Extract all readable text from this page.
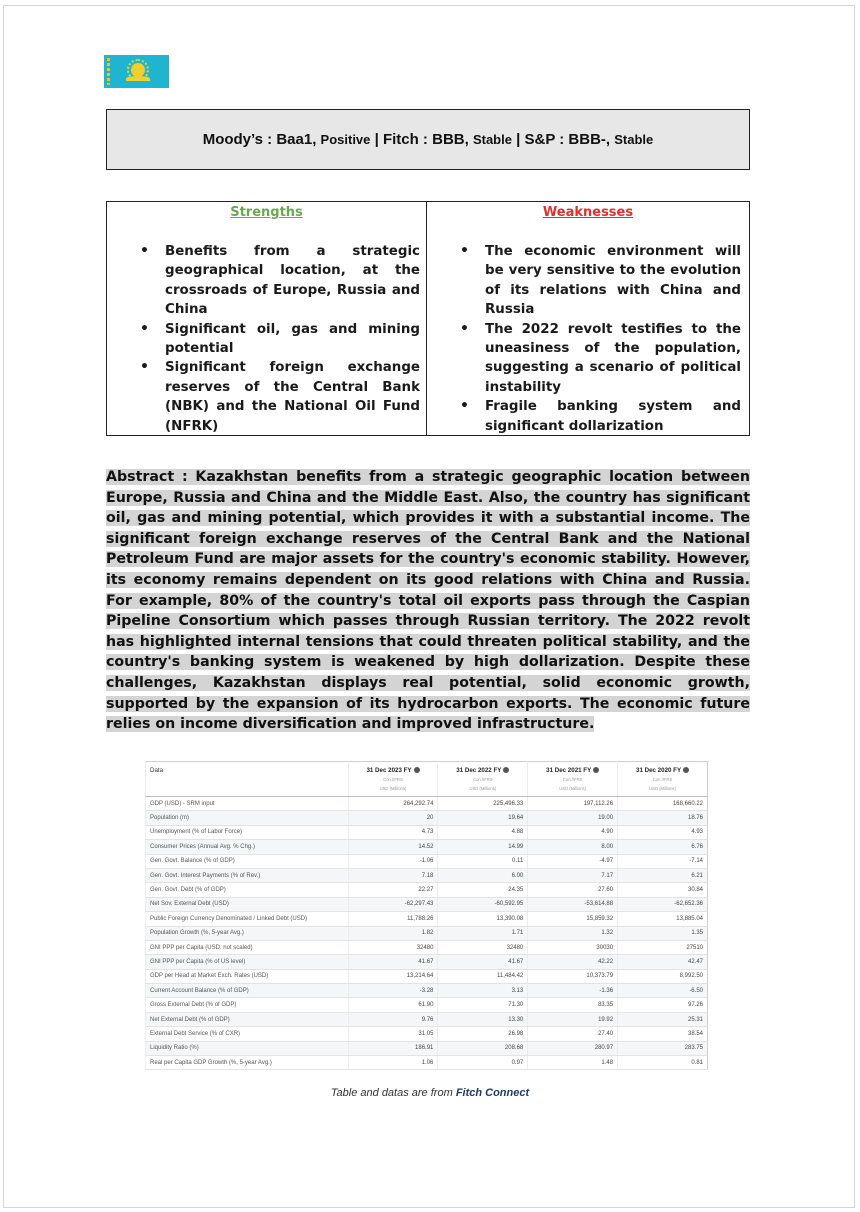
Moody’s :
Baa1,
Positive
|
Fitch :
BBB,
Stable
|
S&P :
BBB-,
Stable
Strengths
• Benefits from a strategic geographical location, at the crossroads of Europe, Russia and China
• Significant oil, gas and mining potential
• Significant foreign exchange reserves of the Central Bank (NBK) and the National Oil Fund (NFRK)
Weaknesses
• The economic environment will be very sensitive to the evolution of its relations with China and Russia
• The 2022 revolt testifies to the uneasiness of the population, suggesting a scenario of political instability
• Fragile banking system and significant dollarization
Abstract : Kazakhstan benefits from a strategic geographic location between Europe, Russia and China and the Middle East. Also, the country has significant oil, gas and mining potential, which provides it with a substantial income. The significant foreign exchange reserves of the Central Bank and the National Petroleum Fund are major assets for the country's economic stability. However, its economy remains dependent on its good relations with China and Russia. For example, 80% of the country's total oil exports pass through the Caspian Pipeline Consortium which passes through Russian territory. The 2022 revolt has highlighted internal tensions that could threaten political stability, and the country's banking system is weakened by high dollarization. Despite these challenges, Kazakhstan displays real potential, solid economic growth, supported by the expansion of its hydrocarbon exports. The economic future relies on income diversification and improved infrastructure.
Data	31 Dec 2023 FY
Con./IFRS
USD (Millions)	31 Dec 2022 FY
Con./IFRS
USD (Millions)	31 Dec 2021 FY
Con./IFRS
USD (Millions)	31 Dec 2020 FY
Con./IFRS
USD (Millions)

GDP (USD) - SRM input	264,292.74	225,496.33	197,112.26	168,660.22
Population (m)	20	19.64	19.00	18.76
Unemployment (% of Labor Force)	4.73	4.88	4.90	4.93
Consumer Prices (Annual Avg. % Chg.)	14.52	14.99	8.00	6.76
Gen. Govt. Balance (% of GDP)	-1.06	0.11	-4.97	-7.14
Gen. Govt. Interest Payments (% of Rev.)	7.18	6.00	7.17	6.21
Gen. Govt. Debt (% of GDP)	22.27	24.35	27.60	30.84
Net Sov. External Debt (USD)	-62,297.43	-60,592.95	-53,614.88	-62,652.36
Public Foreign Currency Denominated / Linked Debt (USD)	11,788.26	13,390.08	15,859.32	13,885.04
Population Growth (%, 5-year Avg.)	1.82	1.71	1.32	1.35
GNI PPP per Capita (USD, not scaled)	32480	32480	30030	27510
GNI PPP per Capita (% of US level)	41.67	41.67	42.22	42.47
GDP per Head at Market Exch. Rates (USD)	13,214.64	11,484.42	10,373.79	8,992.50
Current Account Balance (% of GDP)	-3.28	3.13	-1.36	-6.50
Gross External Debt (% of GDP)	61.90	71.30	83.35	97.26
Net External Debt (% of GDP)	9.76	13.30	19.92	25.31
External Debt Service (% of CXR)	31.05	26.98	27.40	38.54
Liquidity Ratio (%)	186.91	208.68	280.97	283.75
Real per Capita GDP Growth (%, 5-year Avg.)	1.06	0.97	1.48	0.81
Table and datas are from Fitch Connect
